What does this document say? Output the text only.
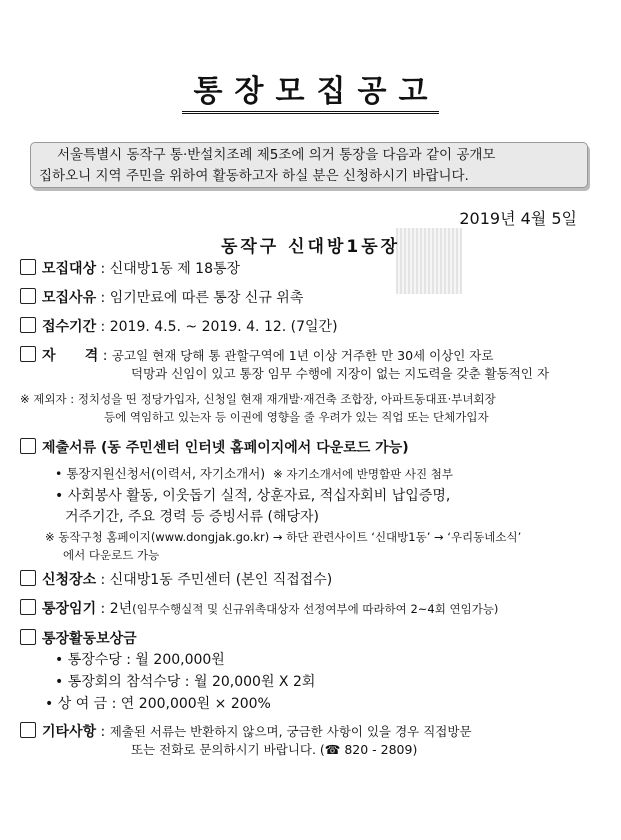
통장모집공고
서울특별시 동작구 통·반설치조례 제5조에 의거 통장을 다음과 같이 공개모
집하오니 지역 주민을 위하여 활동하고자 하실 분은 신청하시기 바랍니다.
2019년 4월 5일
동작구 신대방1동장
모집대상 : 신대방1동 제 18통장
모집사유 : 임기만료에 따른 통장 신규 위촉
접수기간 : 2019. 4.5. ~ 2019. 4. 12. (7일간)
자      격 : 공고일 현재 당해 통 관할구역에 1년 이상 거주한 만 30세 이상인 자로
덕망과 신임이 있고 통장 임무 수행에 지장이 없는 지도력을 갖춘 활동적인 자
※ 제외자 : 정치성을 띤 정당가입자, 신청일 현재 재개발·재건축 조합장, 아파트동대표·부녀회장
등에 역임하고 있는자 등 이권에 영향을 줄 우려가 있는 직업 또는 단체가입자
제출서류 (동 주민센터 인터넷 홈페이지에서 다운로드 가능)
• 통장지원신청서(이력서, 자기소개서) ※ 자기소개서에 반명함판 사진 첨부
• 사회봉사 활동, 이웃돕기 실적, 상훈자료, 적십자회비 납입증명,
거주기간, 주요 경력 등 증빙서류 (해당자)
※ 동작구청 홈페이지(www.dongjak.go.kr) → 하단 관련사이트 ‘신대방1동’ → ‘우리동네소식’
에서 다운로드 가능
신청장소 : 신대방1동 주민센터 (본인 직접접수)
통장임기 : 2년(임무수행실적 및 신규위촉대상자 선정여부에 따라하여 2~4회 연임가능)
통장활동보상금
• 통장수당 : 월 200,000원
• 통장회의 참석수당 : 월 20,000원 X 2회
• 상 여 금 : 연 200,000원 × 200%
기타사항 : 제출된 서류는 반환하지 않으며, 궁금한 사항이 있을 경우 직접방문
또는 전화로 문의하시기 바랍니다. (☎ 820 - 2809)
